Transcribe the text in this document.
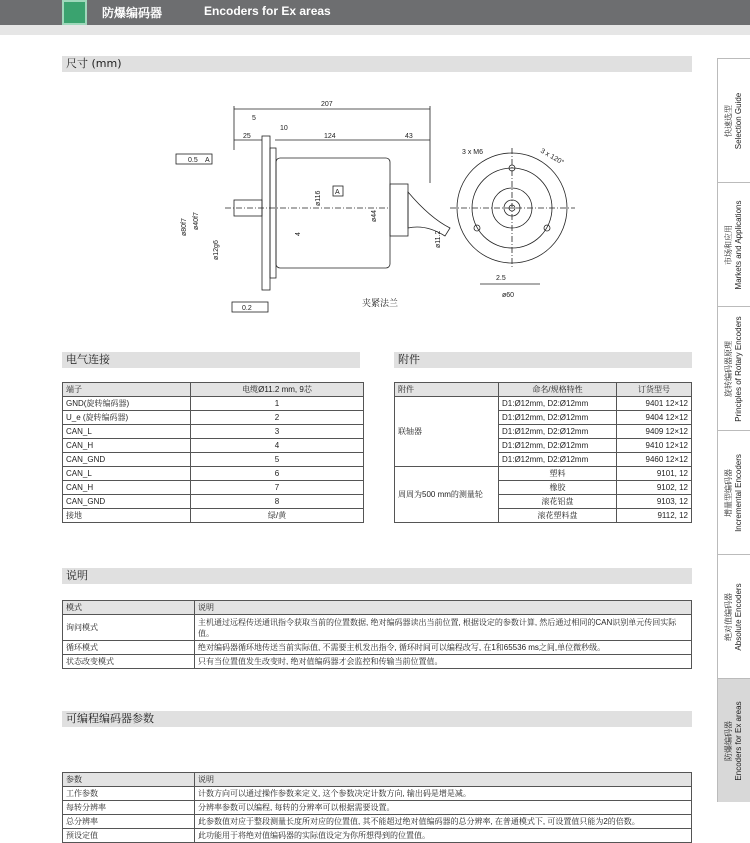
防爆编码器	Encoders for Ex areas
尺寸 (mm)
207
5
10
25	124	43
0.5 A
0.2
A
ø80f7 ø40f7
ø12g6
ø116
ø44
4	ø11.2
3 x M6	3 x 120°
ø60
2.5
夹紧法兰
电气连接	附件
端子	电缆Ø11.2 mm, 9芯
GND(旋转编码器)	1
U_e (旋转编码器)	2
CAN_L	3
CAN_H	4
CAN_GND	5
CAN_L	6
CAN_H	7
CAN_GND	8
接地	绿/黄
附件	命名/规格特性	订货型号
联轴器	D1:Ø12mm, D2:Ø12mm	9401 12×12
	D1:Ø12mm, D2:Ø12mm	9404 12×12
	D1:Ø12mm, D2:Ø12mm	9409 12×12
	D1:Ø12mm, D2:Ø12mm	9410 12×12
	D1:Ø12mm, D2:Ø12mm	9460 12×12
周周为500 mm的测量轮	塑料	9101, 12
	橡胶	9102, 12
	滚花铝盘	9103, 12
	滚花塑料盘	9112, 12
说明
模式	说明
询问模式	主机通过远程传送通讯指令获取当前的位置数据, 绝对编码器读出当前位置, 根据设定的参数计算, 然后通过相同的CAN识别单元传回实际值。
循环模式	绝对编码器循环地传送当前实际值, 不需要主机发出指令, 循环时间可以编程改写, 在1和65536 ms之间,单位微秒级。
状态改变模式	只有当位置值发生改变时, 绝对值编码器才会监控和传输当前位置值。
可编程编码器参数
参数	说明
工作参数	计数方向可以通过操作参数来定义, 这个参数决定计数方向, 输出码是增是减。
每转分辨率	分辨率参数可以编程, 每转的分辨率可以根据需要设置。
总分辨率	此参数值对应于整段测量长度所对应的位置值, 其不能超过绝对值编码器的总分辨率, 在普通模式下, 可设置值只能为2的倍数。
预设定值	此功能用于将绝对值编码器的实际值设定为你所想得到的位置值。
快速选型
Selection Guide
市场和应用
Markets and Applications
旋转编码器原理
Principles of Rotary Encoders
增量型编码器
Incremental Encoders
绝对值编码器
Absolute Encoders
防爆编码器
Encoders for Ex areas
